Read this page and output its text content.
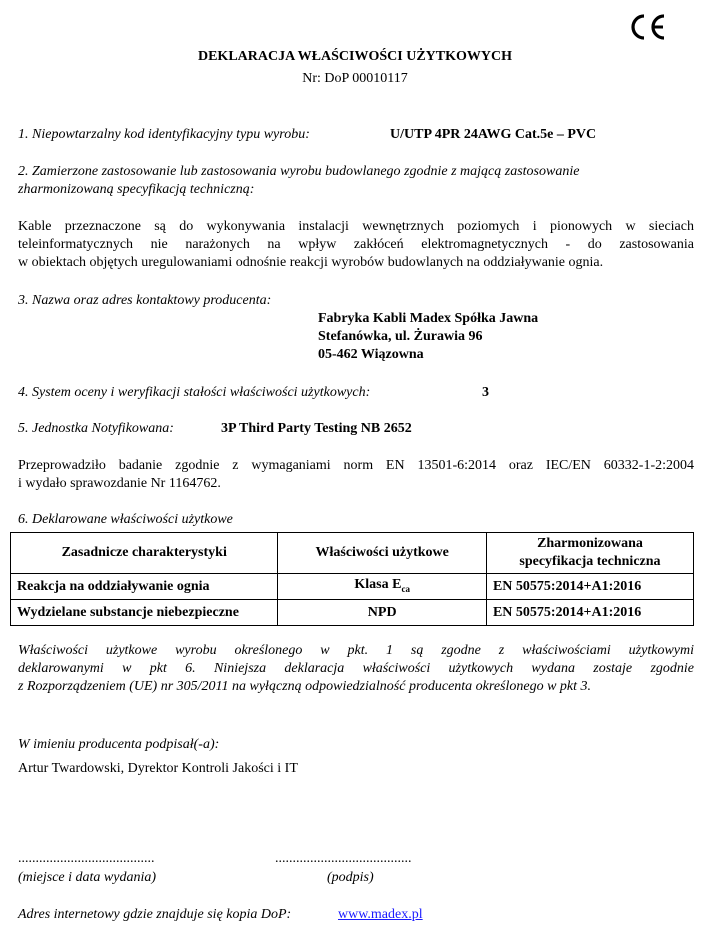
DEKLARACJA WŁAŚCIWOŚCI UŻYTKOWYCH
Nr: DoP 00010117
1. Niepowtarzalny kod identyfikacyjny typu wyrobu:	U/UTP 4PR 24AWG Cat.5e – PVC
2. Zamierzone zastosowanie lub zastosowania wyrobu budowlanego zgodnie z mającą zastosowanie
zharmonizowaną specyfikacją techniczną:
Kable przeznaczone są do wykonywania instalacji wewnętrznych poziomych i pionowych w sieciach
teleinformatycznych nie narażonych na wpływ zakłóceń elektromagnetycznych - do zastosowania
w obiektach objętych uregulowaniami odnośnie reakcji wyrobów budowlanych na oddziaływanie ognia.
3. Nazwa oraz adres kontaktowy producenta:
Fabryka Kabli Madex Spółka Jawna
Stefanówka, ul. Żurawia 96
05-462 Wiązowna
4. System oceny i weryfikacji stałości właściwości użytkowych:	3
5. Jednostka Notyfikowana:	3P Third Party Testing NB 2652
Przeprowadziło badanie zgodnie z wymaganiami norm EN 13501-6:2014 oraz IEC/EN 60332-1-2:2004
i wydało sprawozdanie Nr 1164762.
6. Deklarowane właściwości użytkowe
Zasadnicze charakterystyki	Właściwości użytkowe	Zharmonizowana
specyfikacja techniczna

Reakcja na oddziaływanie ognia	Klasa $E_{ca}$	EN 50575:2014+A1:2016
Wydzielane substancje niebezpieczne	NPD	EN 50575:2014+A1:2016
Właściwości użytkowe wyrobu określonego w pkt. 1 są zgodne z właściwościami użytkowymi
deklarowanymi w pkt 6. Niniejsza deklaracja właściwości użytkowych wydana zostaje zgodnie
z Rozporządzeniem (UE) nr 305/2011 na wyłączną odpowiedzialność producenta określonego w pkt 3.
W imieniu producenta podpisał(-a):
Artur Twardowski, Dyrektor Kontroli Jakości i IT
.......................................	.......................................
(miejsce i data wydania)	(podpis)
Adres internetowy gdzie znajduje się kopia DoP:	www.madex.pl
